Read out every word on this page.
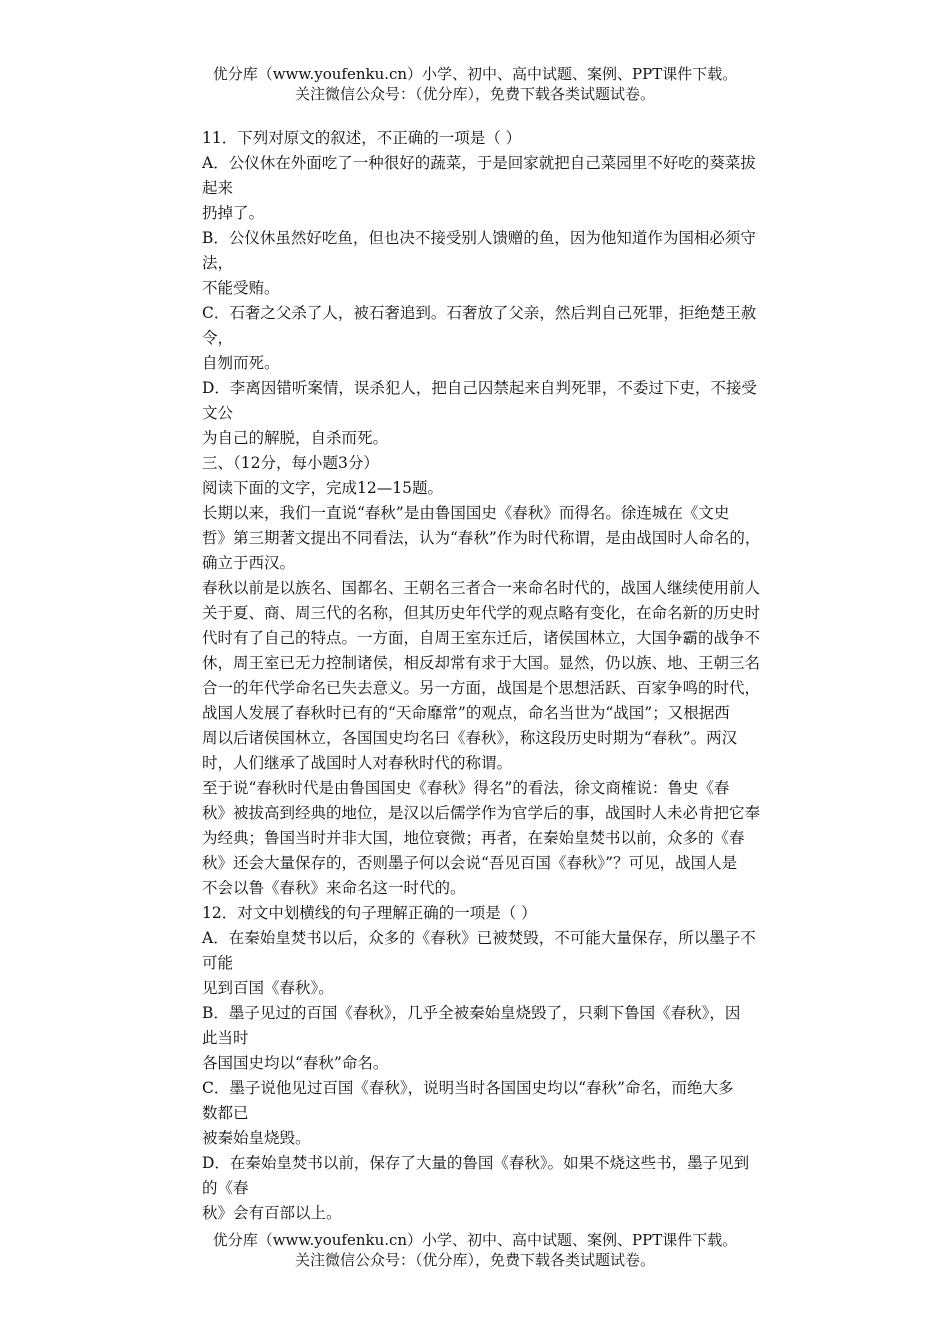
优分库（www.youfenku.cn）小学、初中、高中试题、案例、PPT课件下载。
关注微信公众号：（优分库），免费下载各类试题试卷。

11．下列对原文的叙述，不正确的一项是（ ）

A．公仪休在外面吃了一种很好的蔬菜，于是回家就把自己菜园里不好吃的葵菜拔

起来

扔掉了。

B．公仪休虽然好吃鱼，但也决不接受别人馈赠的鱼，因为他知道作为国相必须守

法，

不能受贿。

C．石奢之父杀了人，被石奢追到。石奢放了父亲，然后判自己死罪，拒绝楚王赦

令，

自刎而死。

D．李离因错听案情，误杀犯人，把自己囚禁起来自判死罪，不委过下吏，不接受

文公

为自己的解脱，自杀而死。

三、（12分，每小题3分）

阅读下面的文字，完成12—15题。

长期以来，我们一直说“春秋”是由鲁国国史《春秋》而得名。徐连城在《文史

哲》第三期著文提出不同看法，认为“春秋”作为时代称谓，是由战国时人命名的，

确立于西汉。

春秋以前是以族名、国都名、王朝名三者合一来命名时代的，战国人继续使用前人

关于夏、商、周三代的名称，但其历史年代学的观点略有变化，在命名新的历史时

代时有了自己的特点。一方面，自周王室东迁后，诸侯国林立，大国争霸的战争不

休，周王室已无力控制诸侯，相反却常有求于大国。显然，仍以族、地、王朝三名

合一的年代学命名已失去意义。另一方面，战国是个思想活跃、百家争鸣的时代，

战国人发展了春秋时已有的“天命靡常”的观点，命名当世为“战国”；又根据西

周以后诸侯国林立，各国国史均名曰《春秋》，称这段历史时期为“春秋”。两汉

时，人们继承了战国时人对春秋时代的称谓。

至于说“春秋时代是由鲁国国史《春秋》得名”的看法，徐文商榷说：鲁史《春

秋》被拔高到经典的地位，是汉以后儒学作为官学后的事，战国时人未必肯把它奉

为经典；鲁国当时并非大国，地位衰微；再者，在秦始皇焚书以前，众多的《春

秋》还会大量保存的，否则墨子何以会说“吾见百国《春秋》”？可见，战国人是

不会以鲁《春秋》来命名这一时代的。

12．对文中划横线的句子理解正确的一项是（ ）

A．在秦始皇焚书以后，众多的《春秋》已被焚毁，不可能大量保存，所以墨子不

可能

见到百国《春秋》。

B．墨子见过的百国《春秋》，几乎全被秦始皇烧毁了，只剩下鲁国《春秋》，因

此当时

各国国史均以“春秋”命名。

C．墨子说他见过百国《春秋》，说明当时各国国史均以“春秋”命名，而绝大多

数都已

被秦始皇烧毁。

D．在秦始皇焚书以前，保存了大量的鲁国《春秋》。如果不烧这些书，墨子见到

的《春

秋》会有百部以上。

优分库（www.youfenku.cn）小学、初中、高中试题、案例、PPT课件下载。
关注微信公众号：（优分库），免费下载各类试题试卷。
